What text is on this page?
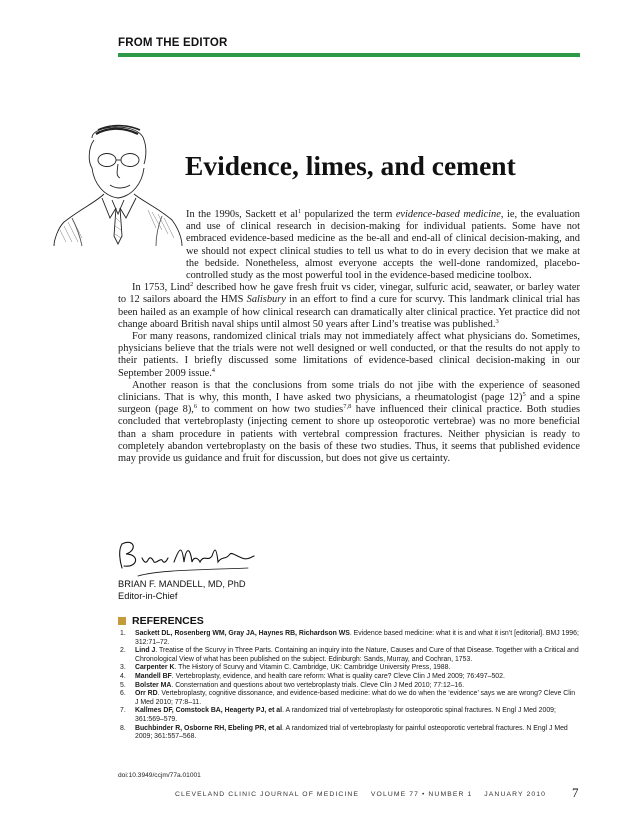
FROM THE EDITOR
Evidence, limes, and cement

In the 1990s, Sackett et $al^1$ popularized the term evidence-based medicine, ie, the evaluation and use of clinical research in decision-making for individual patients. Some have not embraced evidence-based medicine as the be-all and end-all of clinical decision-making, and we should not expect clinical studies to tell us what to do in every decision that we make at the bedside. Nonetheless, almost everyone accepts the well-done randomized, placebo-controlled study as the most powerful tool in the evidence-based medicine toolbox.

In 1753, Lind$^2$ described how he gave fresh fruit vs cider, vinegar, sulfuric acid, seawater, or barley water to 12 sailors aboard the HMS Salisbury in an effort to find a cure for scurvy. This landmark clinical trial has been hailed as an example of how clinical research can dramatically alter clinical practice. Yet practice did not change aboard British naval ships until almost 50 years after Lind’s treatise was published.$^3$

For many reasons, randomized clinical trials may not immediately affect what physicians do. Sometimes, physicians believe that the trials were not well designed or well conducted, or that the results do not apply to their patients. I briefly discussed some limitations of evidence-based clinical decision-making in our September 2009 issue.$^4$

Another reason is that the conclusions from some trials do not jibe with the experience of seasoned clinicians. That is why, this month, I have asked two physicians, a rheumatologist (page 12)$^5$ and a spine surgeon (page 8),$^6$ to comment on how two studies$^{7,8}$ have influenced their clinical practice. Both studies concluded that vertebroplasty (injecting cement to shore up osteoporotic vertebrae) was no more beneficial than a sham procedure in patients with vertebral compression fractures. Neither physician is ready to completely abandon vertebroplasty on the basis of these two studies. Thus, it seems that published evidence may provide us guidance and fruit for discussion, but does not give us certainty.

BRIAN F. MANDELL, MD, PhD
Editor-in-Chief
REFERENCES
1. Sackett DL, Rosenberg WM, Gray JA, Haynes RB, Richardson WS. Evidence based medicine: what it is and what it isn’t [editorial]. BMJ 1996; 312:71–72.
2. Lind J. Treatise of the Scurvy in Three Parts. Containing an inquiry into the Nature, Causes and Cure of that Disease. Together with a Critical and Chronological View of what has been published on the subject. Edinburgh: Sands, Murray, and Cochran, 1753.
3. Carpenter K. The History of Scurvy and Vitamin C. Cambridge, UK: Cambridge University Press, 1988.
4. Mandell BF. Vertebroplasty, evidence, and health care reform: What is quality care? Cleve Clin J Med 2009; 76:497–502.
5. Bolster MA. Consternation and questions about two vertebroplasty trials. Cleve Clin J Med 2010; 77:12–16.
6. Orr RD. Vertebroplasty, cognitive dissonance, and evidence-based medicine: what do we do when the ‘evidence’ says we are wrong? Cleve Clin J Med 2010; 77:8–11.
7. Kallmes DF, Comstock BA, Heagerty PJ, et al. A randomized trial of vertebroplasty for osteoporotic spinal fractures. N Engl J Med 2009; 361:569–579.
8. Buchbinder R, Osborne RH, Ebeling PR, et al. A randomized trial of vertebroplasty for painful osteoporotic vertebral fractures. N Engl J Med 2009; 361:557–568.
doi:10.3949/ccjm/77a.01001
CLEVELAND CLINIC JOURNAL OF MEDICINE    VOLUME 77 • NUMBER 1    JANUARY 2010 7
